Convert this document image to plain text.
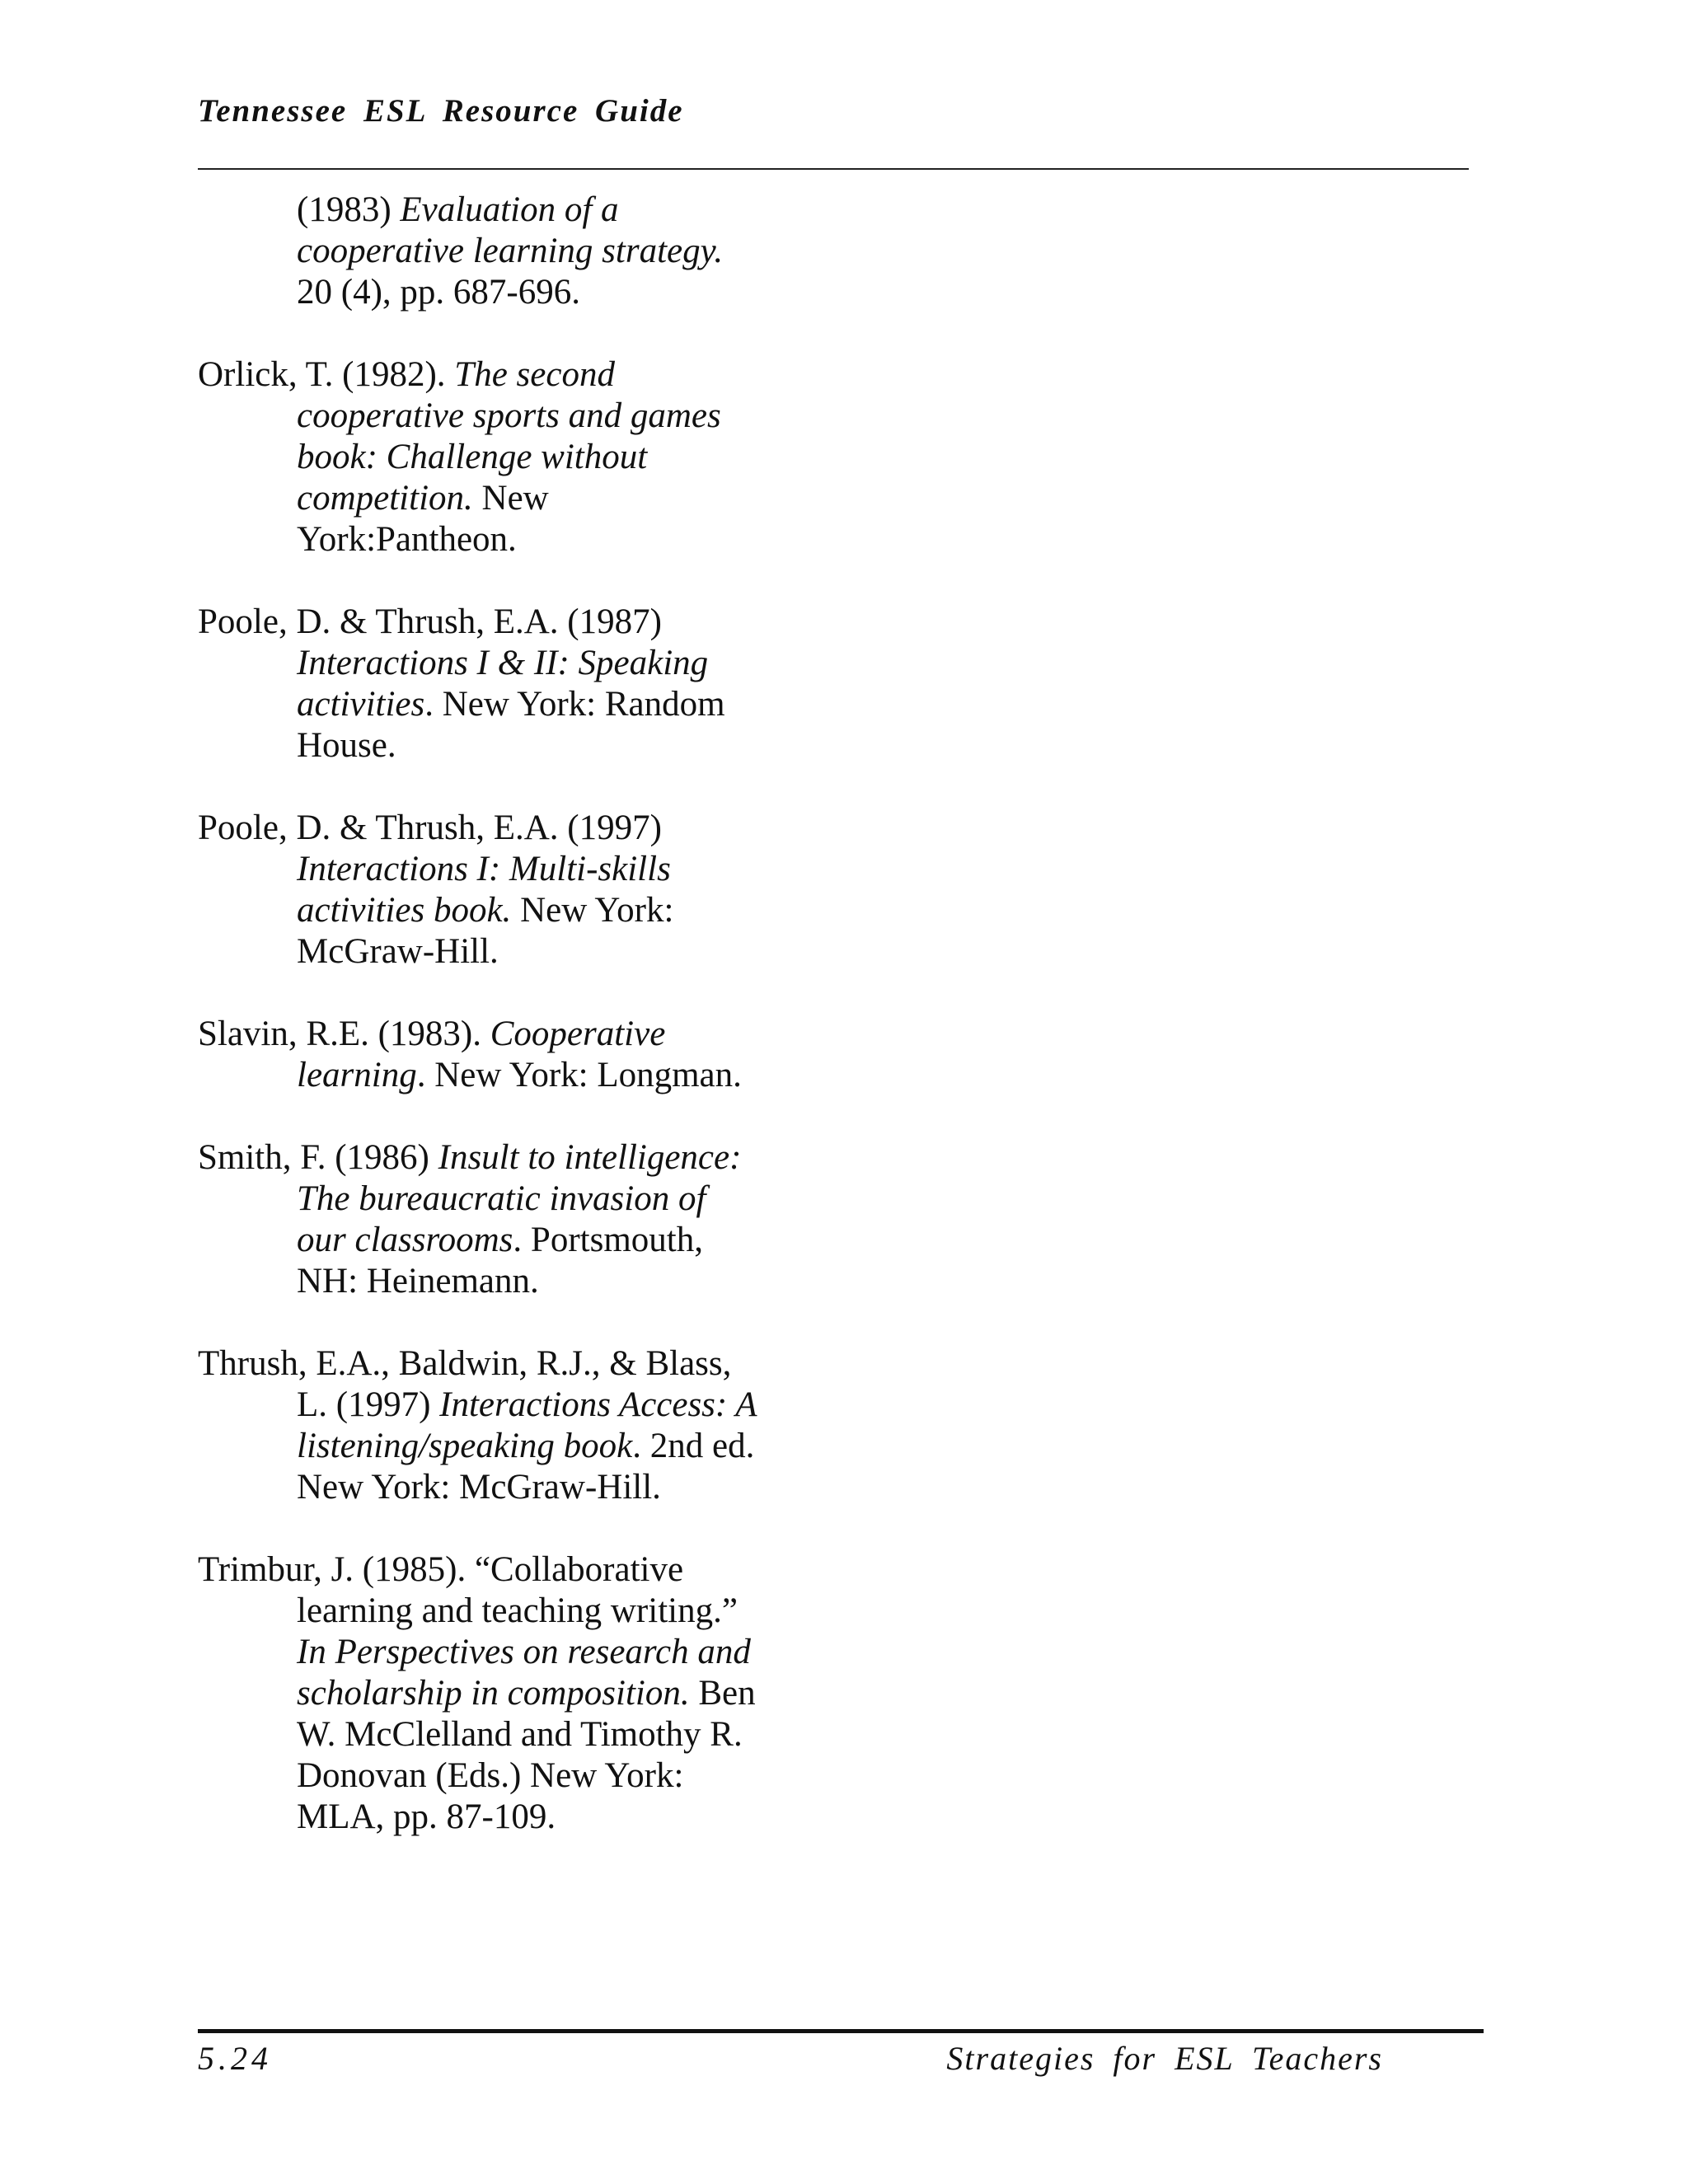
Tennessee ESL Resource Guide
(1983) Evaluation of a
cooperative learning strategy.
20 (4), pp. 687-696.
Orlick, T. (1982). The second
cooperative sports and games
book: Challenge without
competition. New
York:Pantheon.
Poole, D. & Thrush, E.A. (1987)
Interactions I & II: Speaking
activities. New York: Random
House.
Poole, D. & Thrush, E.A. (1997)
Interactions I: Multi-skills
activities book. New York:
McGraw-Hill.
Slavin, R.E. (1983). Cooperative
learning. New York: Longman.
Smith, F. (1986) Insult to intelligence:
The bureaucratic invasion of
our classrooms. Portsmouth,
NH: Heinemann.
Thrush, E.A., Baldwin, R.J., & Blass,
L. (1997) Interactions Access: A
listening/speaking book. 2nd ed.
New York: McGraw-Hill.
Trimbur, J. (1985). “Collaborative
learning and teaching writing.”
In Perspectives on research and
scholarship in composition. Ben
W. McClelland and Timothy R.
Donovan (Eds.) New York:
MLA, pp. 87-109.
5.24	Strategies for ESL Teachers
